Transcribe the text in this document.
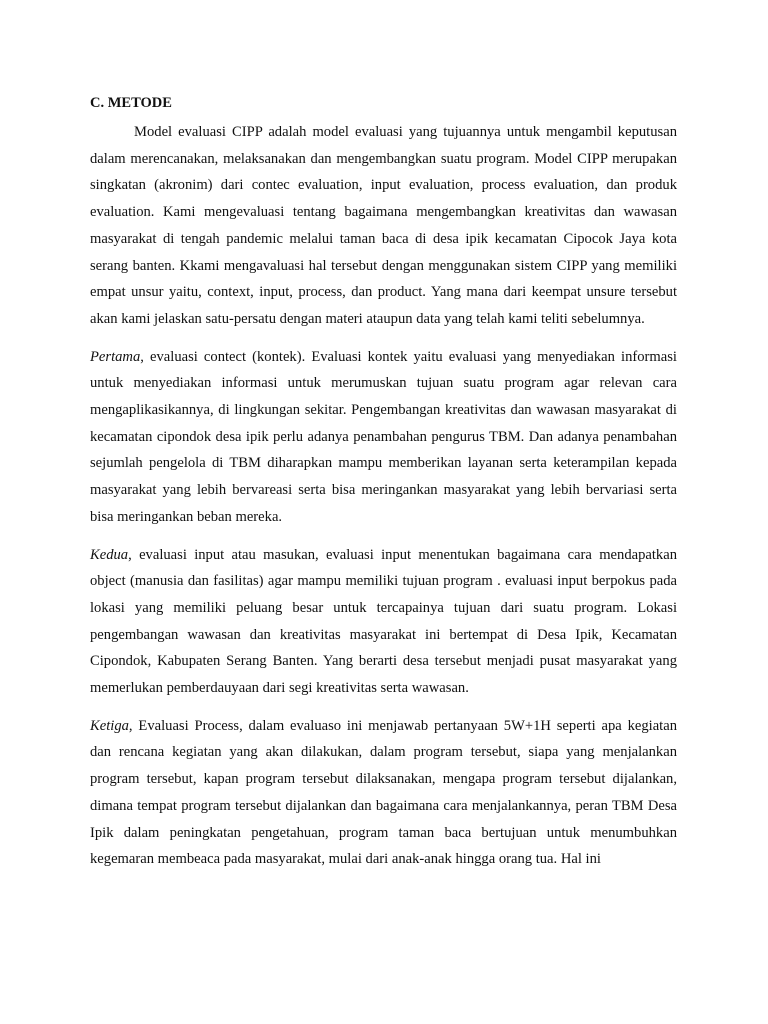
C. METODE

Model evaluasi CIPP adalah model evaluasi yang tujuannya untuk mengambil keputusan dalam merencanakan, melaksanakan dan mengembangkan suatu program. Model CIPP merupakan singkatan (akronim) dari contec evaluation, input evaluation, process evaluation, dan produk evaluation. Kami mengevaluasi tentang bagaimana mengembangkan kreativitas dan wawasan masyarakat di tengah pandemic melalui taman baca di desa ipik kecamatan Cipocok Jaya kota serang banten. Kkami mengavaluasi hal tersebut dengan menggunakan sistem CIPP yang memiliki empat unsur yaitu, context, input, process, dan product. Yang mana dari keempat unsure tersebut akan kami jelaskan satu-persatu dengan materi ataupun data yang telah kami teliti sebelumnya.

Pertama, evaluasi contect (kontek). Evaluasi kontek yaitu evaluasi yang menyediakan informasi untuk menyediakan informasi untuk merumuskan tujuan suatu program agar relevan cara mengaplikasikannya, di lingkungan sekitar. Pengembangan kreativitas dan wawasan masyarakat di kecamatan cipondok desa ipik perlu adanya penambahan pengurus TBM. Dan adanya penambahan sejumlah pengelola di TBM diharapkan mampu memberikan layanan serta keterampilan kepada masyarakat yang lebih bervareasi serta bisa meringankan masyarakat yang lebih bervariasi serta bisa meringankan beban mereka.

Kedua, evaluasi input atau masukan, evaluasi input menentukan bagaimana cara mendapatkan object (manusia dan fasilitas) agar mampu memiliki tujuan program . evaluasi input berpokus pada lokasi yang memiliki peluang besar untuk tercapainya tujuan dari suatu program. Lokasi pengembangan wawasan dan kreativitas masyarakat ini bertempat di Desa Ipik, Kecamatan Cipondok, Kabupaten Serang Banten. Yang berarti desa tersebut menjadi pusat masyarakat yang memerlukan pemberdauyaan dari segi kreativitas serta wawasan.

Ketiga, Evaluasi Process, dalam evaluaso ini menjawab pertanyaan 5W+1H seperti apa kegiatan dan rencana kegiatan yang akan dilakukan, dalam program tersebut, siapa yang menjalankan program tersebut, kapan program tersebut dilaksanakan, mengapa program tersebut dijalankan, dimana tempat program tersebut dijalankan dan bagaimana cara menjalankannya, peran TBM Desa Ipik dalam peningkatan pengetahuan, program taman baca bertujuan untuk menumbuhkan kegemaran membeaca pada masyarakat, mulai dari anak-anak hingga orang tua. Hal ini
